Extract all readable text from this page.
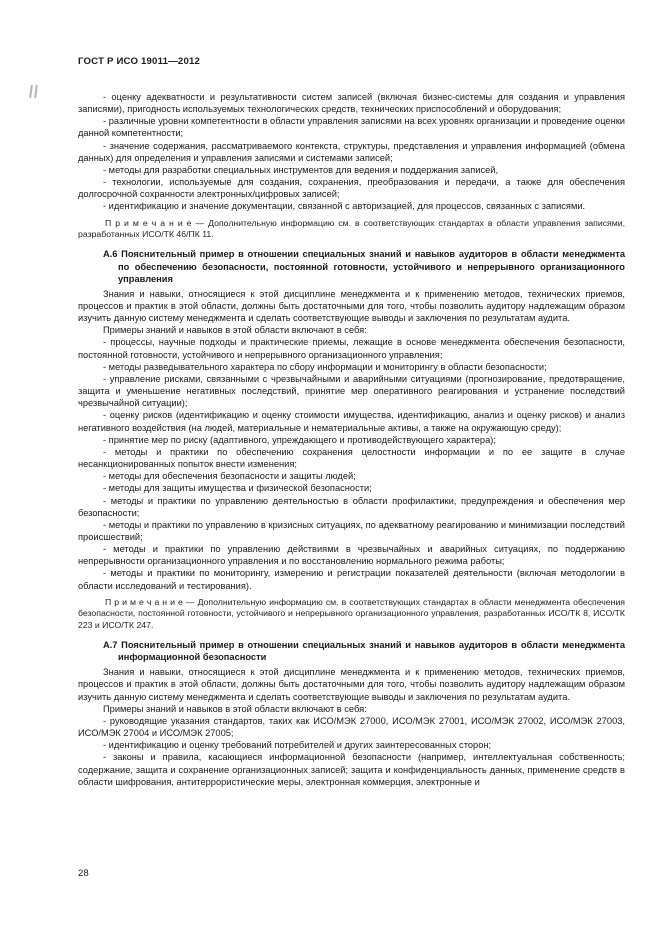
ГОСТ Р ИСО 19011—2012

- оценку адекватности и результативности систем записей (включая бизнес-системы для создания и управления записями), пригодность используемых технологических средств, технических приспособлений и оборудования;

- различные уровни компетентности в области управления записями на всех уровнях организации и проведение оценки данной компетентности;

- значение содержания, рассматриваемого контекста, структуры, представления и управления информацией (обмена данных) для определения и управления записями и системами записей;

- методы для разработки специальных инструментов для ведения и поддержания записей,

- технологии, используемые для создания, сохранения, преобразования и передачи, а также для обеспечения долгосрочной сохранности электронных/цифровых записей;

- идентификацию и значение документации, связанной с авторизацией, для процессов, связанных с записями.

П р и м е ч а н и е — Дополнительную информацию см. в соответствующих стандартах в области управления записями, разработанных ИСО/ТК 46/ПК 11.

А.6 Пояснительный пример в отношении специальных знаний и навыков аудиторов в области менеджмента по обеспечению безопасности, постоянной готовности, устойчивого и непрерывного организационного управления

Знания и навыки, относящиеся к этой дисциплине менеджмента и к применению методов, технических приемов, процессов и практик в этой области, должны быть достаточными для того, чтобы позволить аудитору надлежащим образом изучить данную систему менеджмента и сделать соответствующие выводы и заключения по результатам аудита.

Примеры знаний и навыков в этой области включают в себя:

- процессы, научные подходы и практические приемы, лежащие в основе менеджмента обеспечения безопасности, постоянной готовности, устойчивого и непрерывного организационного управления;

- методы разведывательного характера по сбору информации и мониторингу в области безопасности;

- управление рисками, связанными с чрезвычайными и аварийными ситуациями (прогнозирование, предотвращение, защита и уменьшение негативных последствий, принятие мер оперативного реагирования и устранение последствий чрезвычайной ситуации);

- оценку рисков (идентификацию и оценку стоимости имущества, идентификацию, анализ и оценку рисков) и анализ негативного воздействия (на людей, материальные и нематериальные активы, а также на окружающую среду);

- принятие мер по риску (адаптивного, упреждающего и противодействующего характера);

- методы и практики по обеспечению сохранения целостности информации и по ее защите в случае несанкционированных попыток внести изменения;

- методы для обеспечения безопасности и защиты людей;

- методы для защиты имущества и физической безопасности;

- методы и практики по управлению деятельностью в области профилактики, предупреждения и обеспечения мер безопасности;

- методы и практики по управлению в кризисных ситуациях, по адекватному реагированию и минимизации последствий происшествий;

- методы и практики по управлению действиями в чрезвычайных и аварийных ситуациях, по поддержанию непрерывности организационного управления и по восстановлению нормального режима работы;

- методы и практики по мониторингу, измерению и регистрации показателей деятельности (включая методологии в области исследований и тестирования).

П р и м е ч а н и е — Дополнительную информацию см. в соответствующих стандартах в области менеджмента обеспечения безопасности, постоянной готовности, устойчивого и непрерывного организационного управления, разработанных ИСО/ТК 8, ИСО/ТК 223 и ИСО/ТК 247.

А.7 Пояснительный пример в отношении специальных знаний и навыков аудиторов в области менеджмента информационной безопасности

Знания и навыки, относящиеся к этой дисциплине менеджмента и к применению методов, технических приемов, процессов и практик в этой области, должны быть достаточными для того, чтобы позволить аудитору надлежащим образом изучить данную систему менеджмента и сделать соответствующие выводы и заключения по результатам аудита.

Примеры знаний и навыков в этой области включают в себя:

- руководящие указания стандартов, таких как ИСО/МЭК 27000, ИСО/МЭК 27001, ИСО/МЭК 27002, ИСО/МЭК 27003, ИСО/МЭК 27004 и ИСО/МЭК 27005;

- идентификацию и оценку требований потребителей и других заинтересованных сторон;

- законы и правила, касающиеся информационной безопасности (например, интеллектуальная собственность; содержание, защита и сохранение организационных записей; защита и конфиденциальность данных, применение средств в области шифрования, антитеррористические меры, электронная коммерция, электронные и

28
